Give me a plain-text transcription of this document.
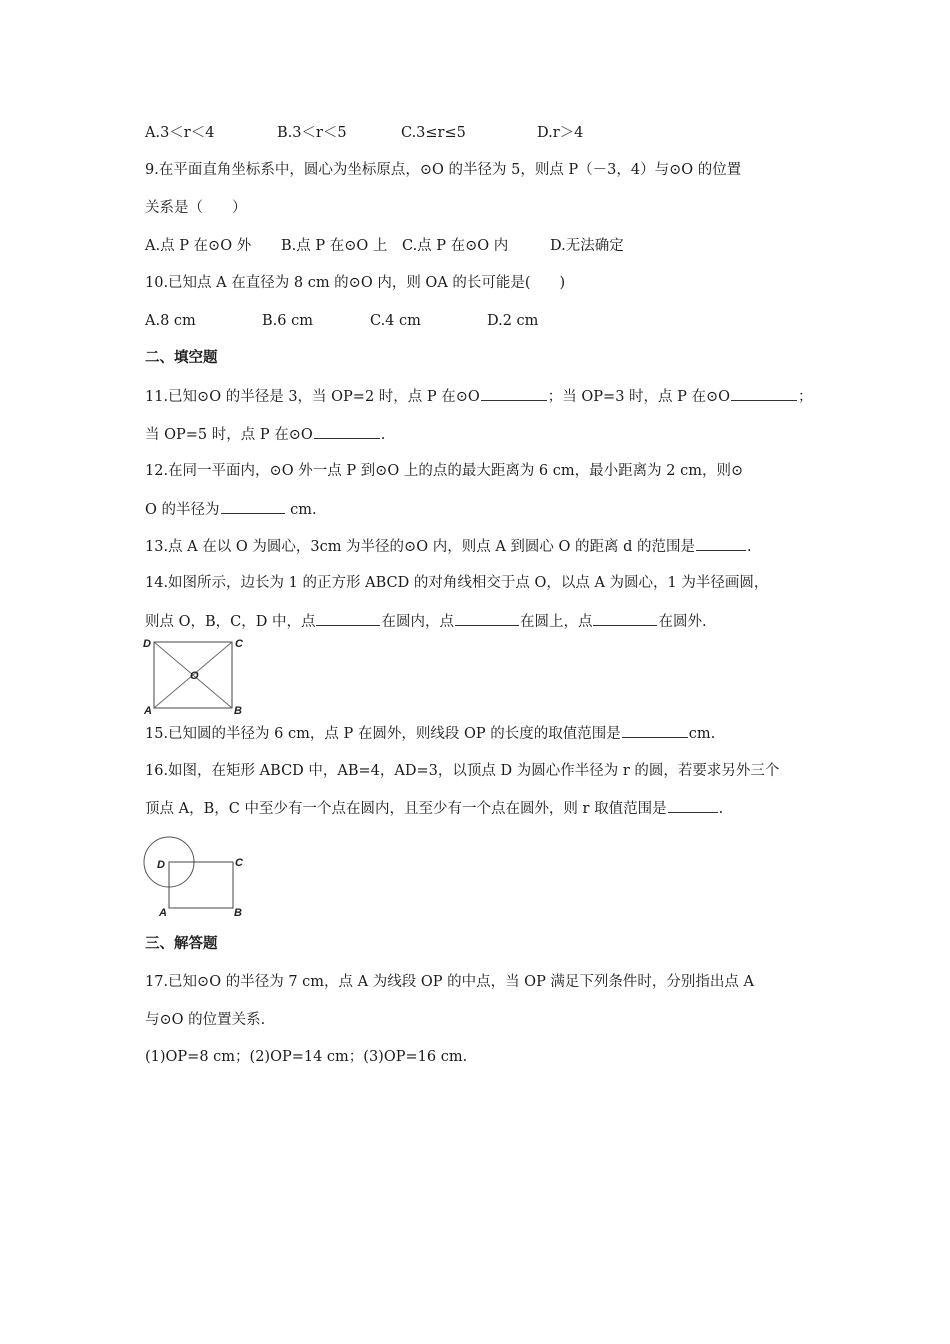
A.3＜r＜4	B.3＜r＜5	C.3≤r≤5	D.r＞4
9.在平面直角坐标系中，圆心为坐标原点，⊙O 的半径为 5，则点 P（－3，4）与⊙O 的位置
关系是（　　）
A.点 P 在⊙O 外 B.点 P 在⊙O 上 C.点 P 在⊙O 内	D.无法确定
10.已知点 A 在直径为 8 cm 的⊙O 内，则 OA 的长可能是(　　)
A.8 cm	B.6 cm	C.4 cm	D.2 cm
二、填空题
11.已知⊙O 的半径是 3，当 OP=2 时，点 P 在⊙O	；当 OP=3 时，点 P 在⊙O	；
当 OP=5 时，点 P 在⊙O	.
12.在同一平面内，⊙O 外一点 P 到⊙O 上的点的最大距离为 6 cm，最小距离为 2 cm，则⊙
O 的半径为	cm.
13.点 A 在以 O 为圆心，3cm 为半径的⊙O 内，则点 A 到圆心 O 的距离 d 的范围是	.
14.如图所示，边长为 1 的正方形 ABCD 的对角线相交于点 O，以点 A 为圆心，1 为半径画圆，
则点 O，B，C，D 中，点	在圆内，点	在圆上，点	在圆外.
D	C
O
A	B
15.已知圆的半径为 6 cm，点 P 在圆外，则线段 OP 的长度的取值范围是	cm.
16.如图，在矩形 ABCD 中，AB=4，AD=3，以顶点 D 为圆心作半径为 r 的圆，若要求另外三个
顶点 A，B，C 中至少有一个点在圆内，且至少有一个点在圆外，则 r 取值范围是	.
D	C
A	B
三、解答题
17.已知⊙O 的半径为 7 cm，点 A 为线段 OP 的中点，当 OP 满足下列条件时，分别指出点 A
与⊙O 的位置关系.
(1)OP=8 cm；(2)OP=14 cm；(3)OP=16 cm.
